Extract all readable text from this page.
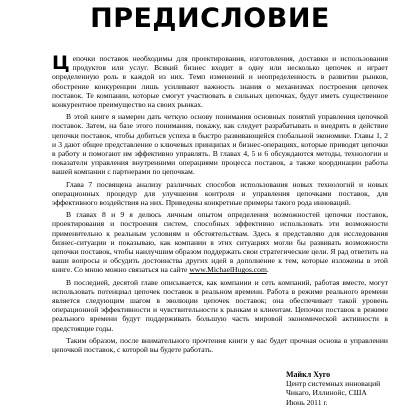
ПРЕДИСЛОВИЕ

Цепочки поставок необходимы для проектирования, изготовления, доставки и использования продуктов или услуг. Всякий бизнес входит в одну или несколько цепочек и играет определенную роль в каждой из них. Темп изменений и неопределенность в развитии рынков, обострение конкуренции лишь усиливают важность знания о механизмах построения цепочек поставок. Те компании, которые смогут участвовать в сильных цепочках, будут иметь существенное конкурентное преимущество на своих рынках.

В этой книге я намерен дать четкую основу понимания основных понятий управления цепочкой поставок. Затем, на базе этого понимания, покажу, как следует разрабатывать и внедрять в действие цепочки поставок, чтобы добиться успеха в быстро развивающейся глобальной экономике. Главы 1, 2 и 3 дают общее представление о ключевых принципах и бизнес-операциях, которые приводят цепочки в работу и помогают им эффективно управлять. В главах 4, 5 и 6 обсуждаются методы, технологии и показатели управления внутренними операциями процесса поставок, а также координации работы вашей компании с партнерами по цепочкам.

Глава 7 посвящена анализу различных способов использования новых технологий и новых операционных процедур для улучшения контроля и управления цепочками поставок, для эффективного воздействия на них. Приведены конкретные примеры такого рода инноваций.

В главах 8 и 9 я делюсь личным опытом определения возможностей цепочки поставок, проектирования и построения систем, способных эффективно использовать эти возможности применительно к реальным условиям и обстоятельствам. Здесь я представляю для исследования бизнес-ситуации и показываю, как компании в этих ситуациях могли бы развивать возможности цепочки поставок, чтобы наилучшим образом поддержать свои стратегические цели. Я рад ответить на ваши вопросы и обсудить достоинства других идей в дополнение к тем, которые изложены в этой книге. Со мною можно связаться на сайте www.MichaelHugos.com.

В последней, десятой главе описывается, как компании и сеть компаний, работая вместе, могут использовать потенциал цепочек поставок в реальном времени. Работа в режиме реального времени является следующим шагом в эволюции цепочек поставок; она обеспечивает такой уровень операционной эффективности и чувствительности к рынкам и клиентам. Цепочки поставок в режиме реального времени будут поддерживать большую часть мировой экономической активности в предстоящие годы.

Таким образом, после внимательного прочтения книги у вас будет прочная основа в управлении цепочкой поставок, с которой вы будете работать.

Майкл Хуго
Центр системных инноваций
Чикаго, Иллинойс, США
Июнь 2011 г.
